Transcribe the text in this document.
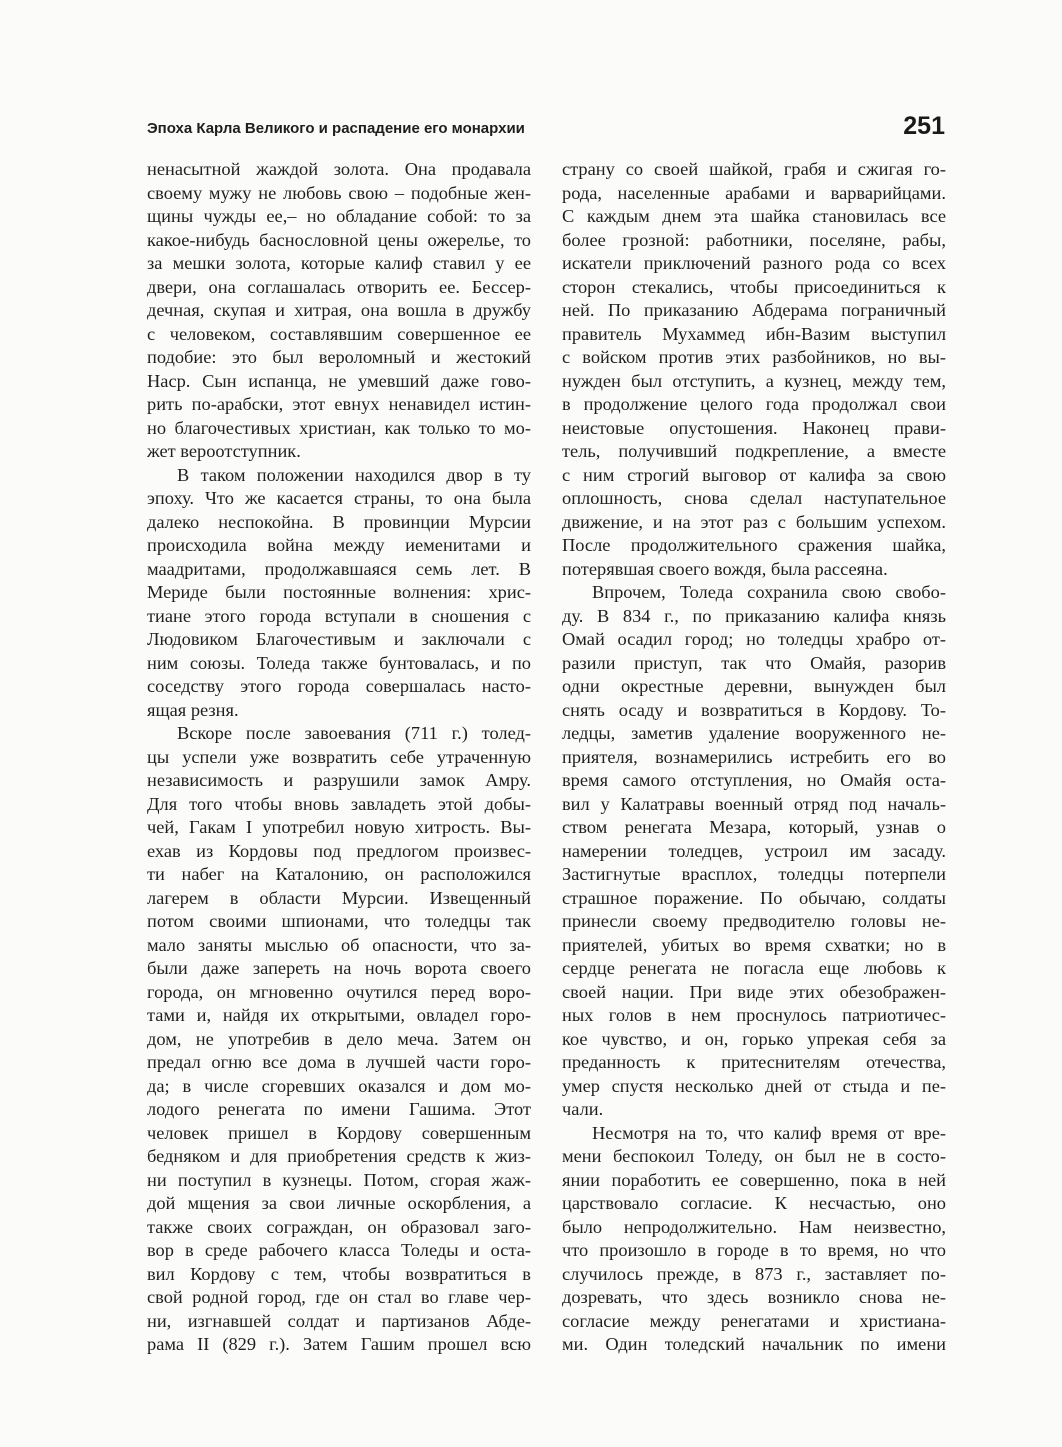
Эпоха Карла Великого и распадение его монархии	251
ненасытной жаждой золота. Она продавала
своему мужу не любовь свою – подобные жен-
щины чужды ее,– но обладание собой: то за
какое-нибудь баснословной цены ожерелье, то
за мешки золота, которые калиф ставил у ее
двери, она соглашалась отворить ее. Бессер-
дечная, скупая и хитрая, она вошла в дружбу
с человеком, составлявшим совершенное ее
подобие: это был вероломный и жестокий
Наср. Сын испанца, не умевший даже гово-
рить по-арабски, этот евнух ненавидел истин-
но благочестивых христиан, как только то мо-
жет вероотступник.
В таком положении находился двор в ту
эпоху. Что же касается страны, то она была
далеко неспокойна. В провинции Мурсии
происходила война между иеменитами и
маадритами, продолжавшаяся семь лет. В
Мериде были постоянные волнения: хрис-
тиане этого города вступали в сношения с
Людовиком Благочестивым и заключали с
ним союзы. Толеда также бунтовалась, и по
соседству этого города совершалась насто-
ящая резня.
Вскоре после завоевания (711 г.) толед-
цы успели уже возвратить себе утраченную
независимость и разрушили замок Амру.
Для того чтобы вновь завладеть этой добы-
чей, Гакам I употребил новую хитрость. Вы-
ехав из Кордовы под предлогом произвес-
ти набег на Каталонию, он расположился
лагерем в области Мурсии. Извещенный
потом своими шпионами, что толедцы так
мало заняты мыслью об опасности, что за-
были даже запереть на ночь ворота своего
города, он мгновенно очутился перед воро-
тами и, найдя их открытыми, овладел горо-
дом, не употребив в дело меча. Затем он
предал огню все дома в лучшей части горо-
да; в числе сгоревших оказался и дом мо-
лодого ренегата по имени Гашима. Этот
человек пришел в Кордову совершенным
бедняком и для приобретения средств к жиз-
ни поступил в кузнецы. Потом, сгорая жаж-
дой мщения за свои личные оскорбления, а
также своих сограждан, он образовал заго-
вор в среде рабочего класса Толеды и оста-
вил Кордову с тем, чтобы возвратиться в
свой родной город, где он стал во главе чер-
ни, изгнавшей солдат и партизанов Абде-
рама II (829 г.). Затем Гашим прошел всю
страну со своей шайкой, грабя и сжигая го-
рода, населенные арабами и варварийцами.
С каждым днем эта шайка становилась все
более грозной: работники, поселяне, рабы,
искатели приключений разного рода со всех
сторон стекались, чтобы присоединиться к
ней. По приказанию Абдерама пограничный
правитель Мухаммед ибн-Вазим выступил
с войском против этих разбойников, но вы-
нужден был отступить, а кузнец, между тем,
в продолжение целого года продолжал свои
неистовые опустошения. Наконец прави-
тель, получивший подкрепление, а вместе
с ним строгий выговор от калифа за свою
оплошность, снова сделал наступательное
движение, и на этот раз с большим успехом.
После продолжительного сражения шайка,
потерявшая своего вождя, была рассеяна.
Впрочем, Толеда сохранила свою свобо-
ду. В 834 г., по приказанию калифа князь
Омай осадил город; но толедцы храбро от-
разили приступ, так что Омайя, разорив
одни окрестные деревни, вынужден был
снять осаду и возвратиться в Кордову. То-
ледцы, заметив удаление вооруженного не-
приятеля, вознамерились истребить его во
время самого отступления, но Омайя оста-
вил у Калатравы военный отряд под началь-
ством ренегата Мезара, который, узнав о
намерении толедцев, устроил им засаду.
Застигнутые врасплох, толедцы потерпели
страшное поражение. По обычаю, солдаты
принесли своему предводителю головы не-
приятелей, убитых во время схватки; но в
сердце ренегата не погасла еще любовь к
своей нации. При виде этих обезображен-
ных голов в нем проснулось патриотичес-
кое чувство, и он, горько упрекая себя за
преданность к притеснителям отечества,
умер спустя несколько дней от стыда и пе-
чали.
Несмотря на то, что калиф время от вре-
мени беспокоил Толеду, он был не в состо-
янии поработить ее совершенно, пока в ней
царствовало согласие. К несчастью, оно
было непродолжительно. Нам неизвестно,
что произошло в городе в то время, но что
случилось прежде, в 873 г., заставляет по-
дозревать, что здесь возникло снова не-
согласие между ренегатами и христиана-
ми. Один толедский начальник по имени
